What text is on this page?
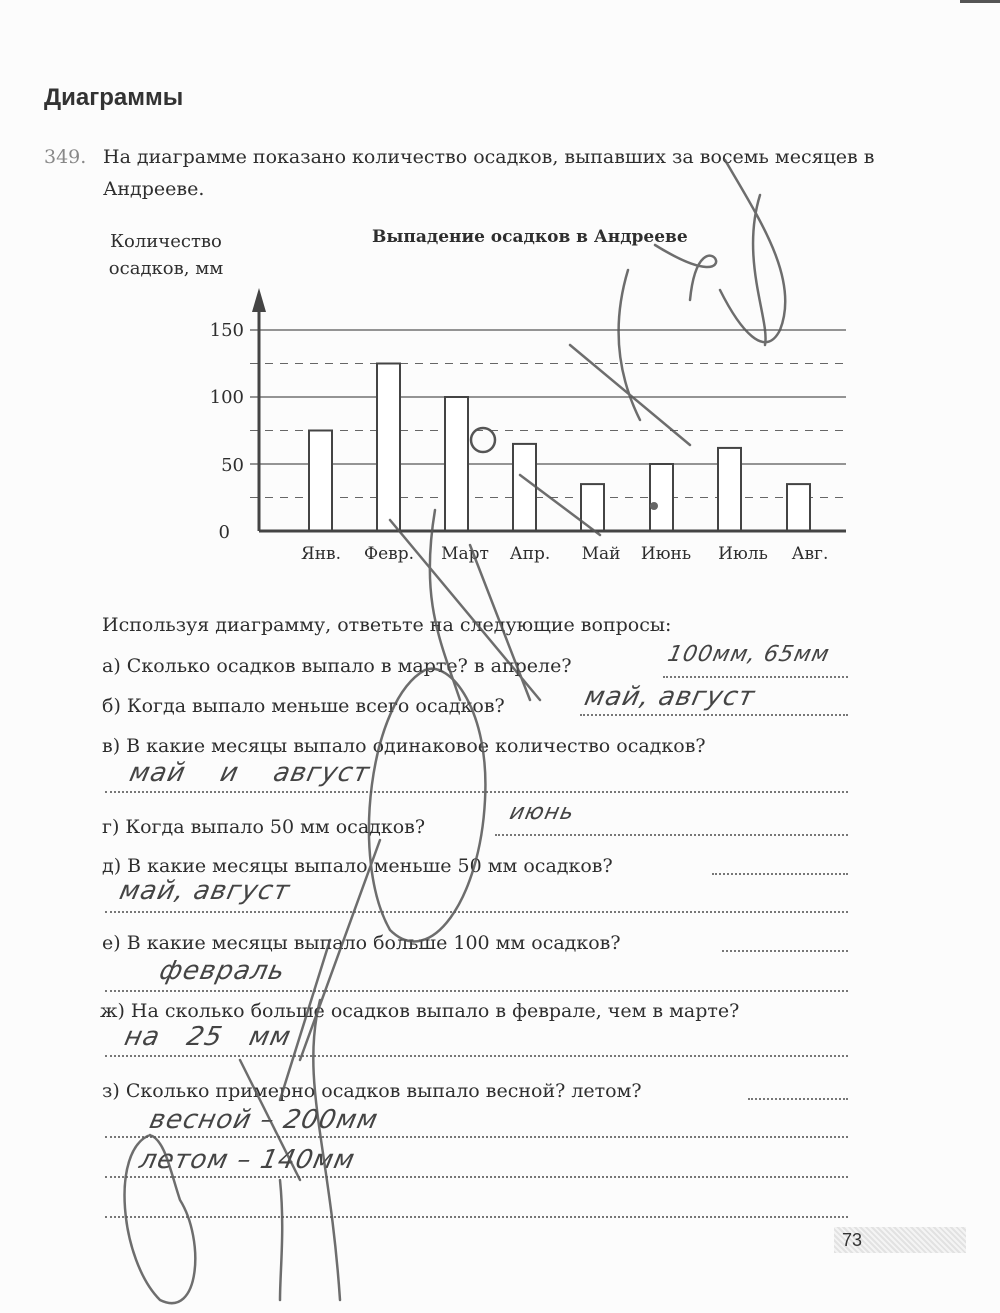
Диаграммы
349. На диаграмме показано количество осадков, выпавших за восемь месяцев в Андрееве.
Количество осадков, мм
Выпадение осадков в Андрееве
150
100
50
0
Янв.	Февр.	Март	Апр.	Май	Июнь	Июль	Авг.
Используя диаграмму, ответьте на следующие вопросы:
а) Сколько осадков выпало в марте? в апреле?	100мм, 65мм
б) Когда выпало меньше всего осадков?	май, август
в) В какие месяцы выпало одинаковое количество осадков?
май и август
г) Когда выпало 50 мм осадков?
июнь
д) В какие месяцы выпало меньше 50 мм осадков?
май, август
е) В какие месяцы выпало больше 100 мм осадков?
февраль
ж) На сколько больше осадков выпало в феврале, чем в марте?
на 25 мм
з) Сколько примерно осадков выпало весной? летом?
весной – 200мм
летом – 140мм
73
